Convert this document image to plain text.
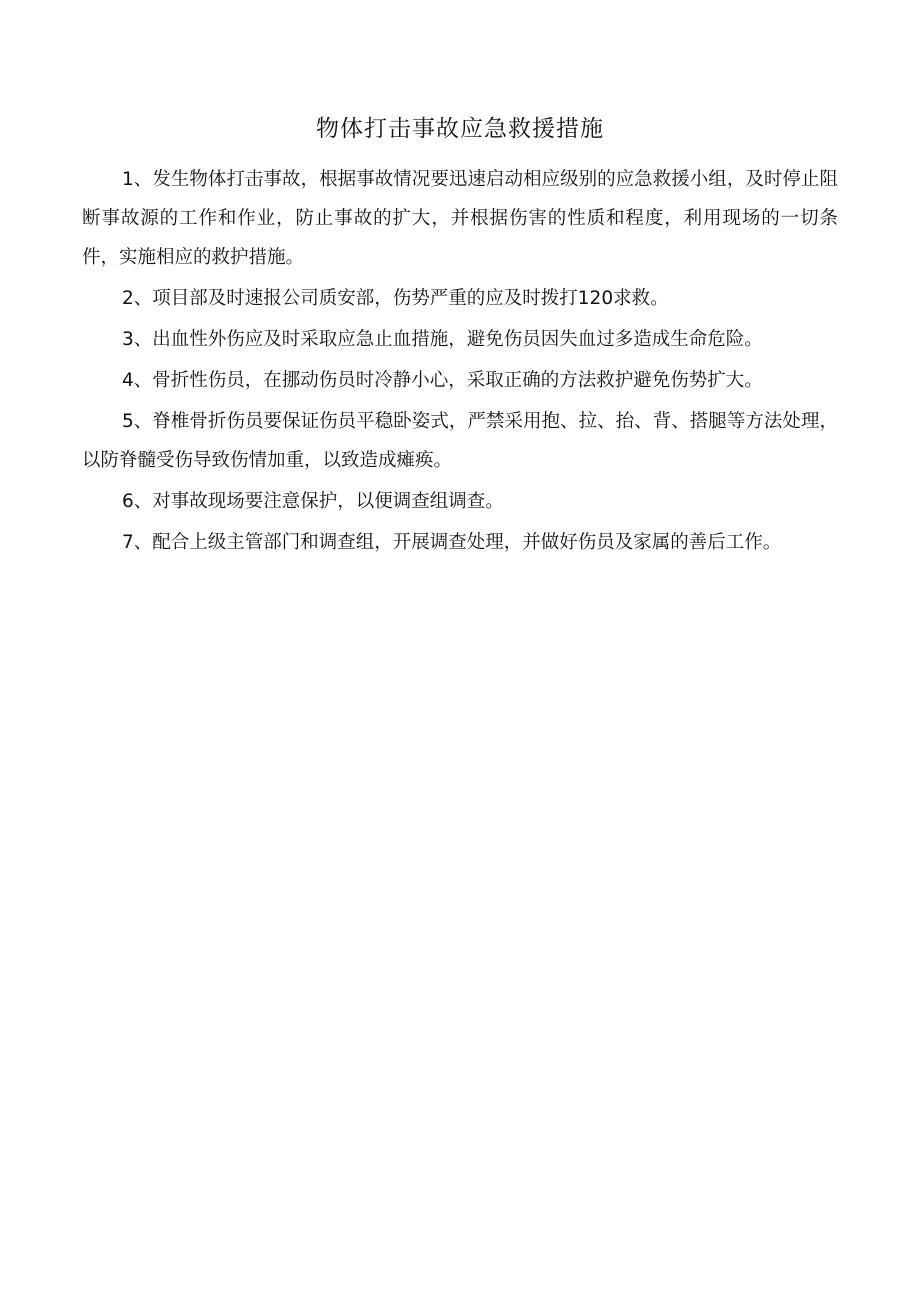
物体打击事故应急救援措施

1、发生物体打击事故，根据事故情况要迅速启动相应级别的应急救援小组，及时停止阻断事故源的工作和作业，防止事故的扩大，并根据伤害的性质和程度，利用现场的一切条件，实施相应的救护措施。

2、项目部及时速报公司质安部，伤势严重的应及时拨打120求救。

3、出血性外伤应及时采取应急止血措施，避免伤员因失血过多造成生命危险。

4、骨折性伤员，在挪动伤员时冷静小心，采取正确的方法救护避免伤势扩大。

5、脊椎骨折伤员要保证伤员平稳卧姿式，严禁采用抱、拉、抬、背、搭腿等方法处理，以防脊髓受伤导致伤情加重，以致造成瘫痪。

6、对事故现场要注意保护，以便调查组调查。

7、配合上级主管部门和调查组，开展调查处理，并做好伤员及家属的善后工作。
